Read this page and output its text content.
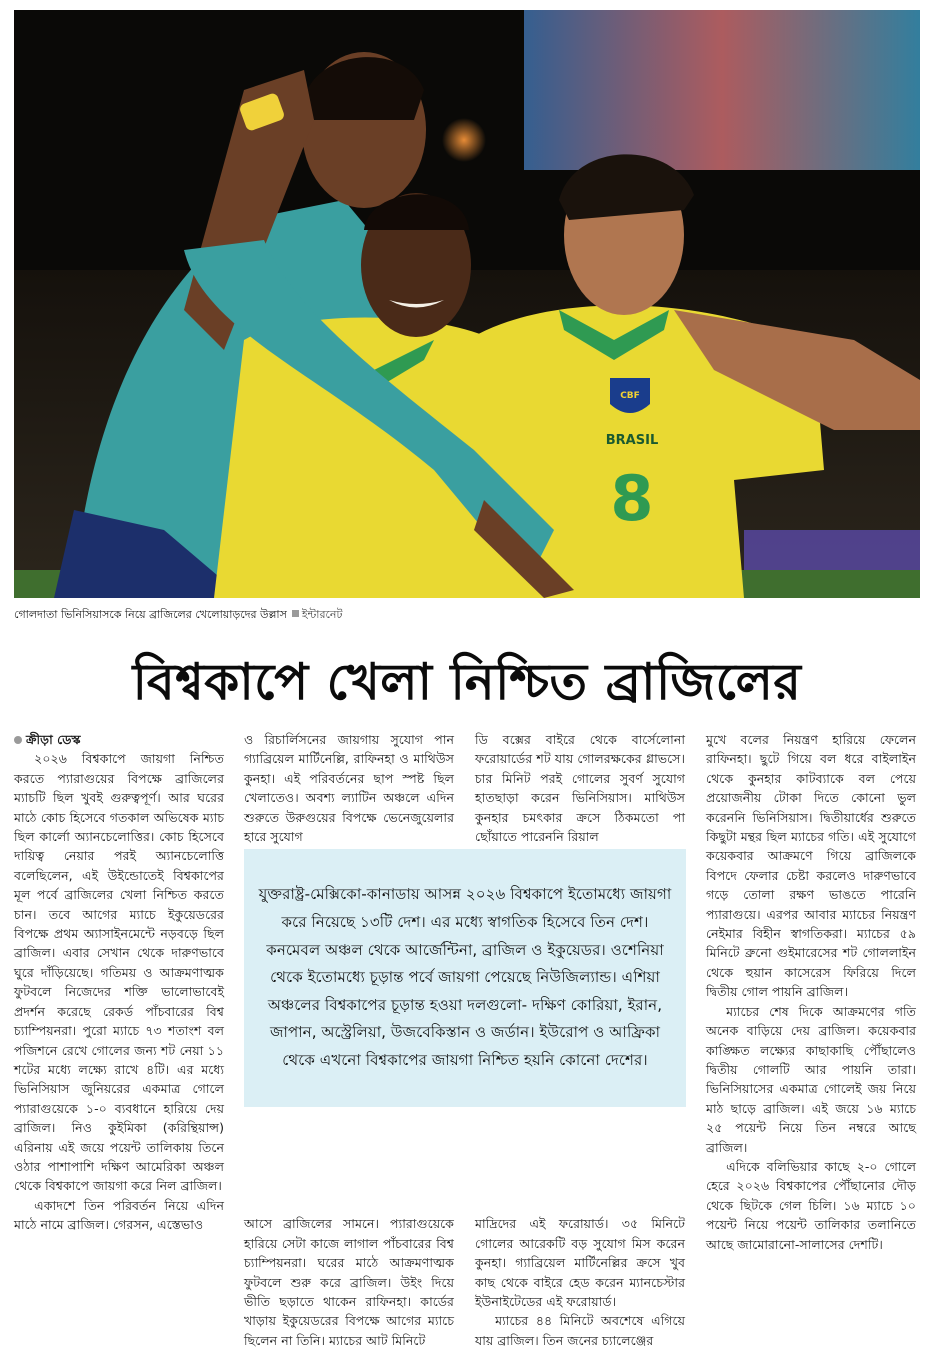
CBF
BRASIL
8
গোলদাতা ভিনিসিয়াসকে নিয়ে ব্রাজিলের খেলোয়াড়দের উল্লাস ইন্টারনেট
বিশ্বকাপে খেলা নিশ্চিত ব্রাজিলের

ক্রীড়া ডেস্ক

২০২৬ বিশ্বকাপে জায়গা নিশ্চিত করতে প্যারাগুয়ের বিপক্ষে ব্রাজিলের ম্যাচটি ছিল খুবই গুরুত্বপূর্ণ। আর ঘরের মাঠে কোচ হিসেবে গতকাল অভিষেক ম্যাচ ছিল কার্লো অ্যানচেলোত্তির। কোচ হিসেবে দায়িত্ব নেয়ার পরই অ্যানচেলোত্তি বলেছিলেন, এই উইন্ডোতেই বিশ্বকাপের মূল পর্বে ব্রাজিলের খেলা নিশ্চিত করতে চান। তবে আগের ম্যাচে ইকুয়েডরের বিপক্ষে প্রথম অ্যাসাইনমেন্টে নড়বড়ে ছিল ব্রাজিল। এবার সেখান থেকে দারুণভাবে ঘুরে দাঁড়িয়েছে। গতিময় ও আক্রমণাত্মক ফুটবলে নিজেদের শক্তি ভালোভাবেই প্রদর্শন করেছে রেকর্ড পাঁচবারের বিশ্ব চ্যাম্পিয়নরা। পুরো ম্যাচে ৭৩ শতাংশ বল পজিশনে রেখে গোলের জন্য শট নেয়া ১১ শটের মধ্যে লক্ষ্যে রাখে ৪টি। এর মধ্যে ভিনিসিয়াস জুনিয়রের একমাত্র গোলে প্যারাগুয়েকে ১-০ ব্যবধানে হারিয়ে দেয় ব্রাজিল। নিও কুইমিকা (করিন্থিয়ান্স) এরিনায় এই জয়ে পয়েন্ট তালিকায় তিনে ওঠার পাশাপাশি দক্ষিণ আমেরিকা অঞ্চল থেকে বিশ্বকাপে জায়গা করে নিল ব্রাজিল।

একাদশে তিন পরিবর্তন নিয়ে এদিন মাঠে নামে ব্রাজিল। গেরসন, এস্তেভাও

ও রিচার্লিসনের জায়গায় সুযোগ পান গ্যাব্রিয়েল মার্টিনেল্লি, রাফিনহা ও মাথিউস কুনহা। এই পরিবর্তনের ছাপ স্পষ্ট ছিল খেলাতেও। অবশ্য ল্যাটিন অঞ্চলে এদিন শুরুতে উরুগুয়ের বিপক্ষে ভেনেজুয়েলার হারে সুযোগ

আসে ব্রাজিলের সামনে। প্যারাগুয়েকে হারিয়ে সেটা কাজে লাগাল পাঁচবারের বিশ্ব চ্যাম্পিয়নরা। ঘরের মাঠে আক্রমণাত্মক ফুটবলে শুরু করে ব্রাজিল। উইং দিয়ে ভীতি ছড়াতে থাকেন রাফিনহা। কার্ডের খাড়ায় ইকুয়েডরের বিপক্ষে আগের ম্যাচে ছিলেন না তিনি। ম্যাচের আট মিনিটে

ডি বক্সের বাইরে থেকে বার্সেলোনা ফরোয়ার্ডের শট যায় গোলরক্ষকের গ্লাভসে। চার মিনিট পরই গোলের সুবর্ণ সুযোগ হাতছাড়া করেন ভিনিসিয়াস। মাথিউস কুনহার চমৎকার ক্রসে ঠিকমতো পা ছোঁয়াতে পারেননি রিয়াল

মাদ্রিদের এই ফরোয়ার্ড। ৩৫ মিনিটে গোলের আরেকটি বড় সুযোগ মিস করেন কুনহা। গ্যাব্রিয়েল মার্টিনেল্লির ক্রসে খুব কাছ থেকে বাইরে হেড করেন ম্যানচেস্টার ইউনাইটেডের এই ফরোয়ার্ড।

ম্যাচের ৪৪ মিনিটে অবশেষে এগিয়ে যায় ব্রাজিল। তিন জনের চ্যালেঞ্জের

মুখে বলের নিয়ন্ত্রণ হারিয়ে ফেলেন রাফিনহা। ছুটে গিয়ে বল ধরে বাইলাইন থেকে কুনহার কাটব্যাকে বল পেয়ে প্রয়োজনীয় টোকা দিতে কোনো ভুল করেননি ভিনিসিয়াস। দ্বিতীয়ার্ধের শুরুতে কিছুটা মন্থর ছিল ম্যাচের গতি। এই সুযোগে কয়েকবার আক্রমণে গিয়ে ব্রাজিলকে বিপদে ফেলার চেষ্টা করলেও দারুণভাবে গড়ে তোলা রক্ষণ ভাঙতে পারেনি প্যারাগুয়ে। এরপর আবার ম্যাচের নিয়ন্ত্রণ নেইমার বিহীন স্বাগতিকরা। ম্যাচের ৫৯ মিনিটে ব্রুনো গুইমারেসের শট গোললাইন থেকে হুয়ান কাসেরেস ফিরিয়ে দিলে দ্বিতীয় গোল পায়নি ব্রাজিল।

ম্যাচের শেষ দিকে আক্রমণের গতি অনেক বাড়িয়ে দেয় ব্রাজিল। কয়েকবার কাঙ্ক্ষিত লক্ষ্যের কাছাকাছি পৌঁছালেও দ্বিতীয় গোলটি আর পায়নি তারা। ভিনিসিয়াসের একমাত্র গোলেই জয় নিয়ে মাঠ ছাড়ে ব্রাজিল। এই জয়ে ১৬ ম্যাচে ২৫ পয়েন্ট নিয়ে তিন নম্বরে আছে ব্রাজিল।

এদিকে বলিভিয়ার কাছে ২-০ গোলে হেরে ২০২৬ বিশ্বকাপের পৌঁছানোর দৌড় থেকে ছিটকে গেল চিলি। ১৬ ম্যাচে ১০ পয়েন্ট নিয়ে পয়েন্ট তালিকার তলানিতে আছে জামোরানো-সালাসের দেশটি।

যুক্তরাষ্ট্র-মেক্সিকো-কানাডায় আসন্ন ২০২৬ বিশ্বকাপে ইতোমধ্যে জায়গা করে নিয়েছে ১৩টি দেশ। এর মধ্যে স্বাগতিক হিসেবে তিন দেশ। কনমেবল অঞ্চল থেকে আর্জেন্টিনা, ব্রাজিল ও ইকুয়েডর। ওশেনিয়া থেকে ইতোমধ্যে চূড়ান্ত পর্বে জায়গা পেয়েছে নিউজিল্যান্ড। এশিয়া অঞ্চলের বিশ্বকাপের চূড়ান্ত হওয়া দলগুলো- দক্ষিণ কোরিয়া, ইরান, জাপান, অস্ট্রেলিয়া, উজবেকিস্তান ও জর্ডান। ইউরোপ ও আফ্রিকা থেকে এখনো বিশ্বকাপের জায়গা নিশ্চিত হয়নি কোনো দেশের।
